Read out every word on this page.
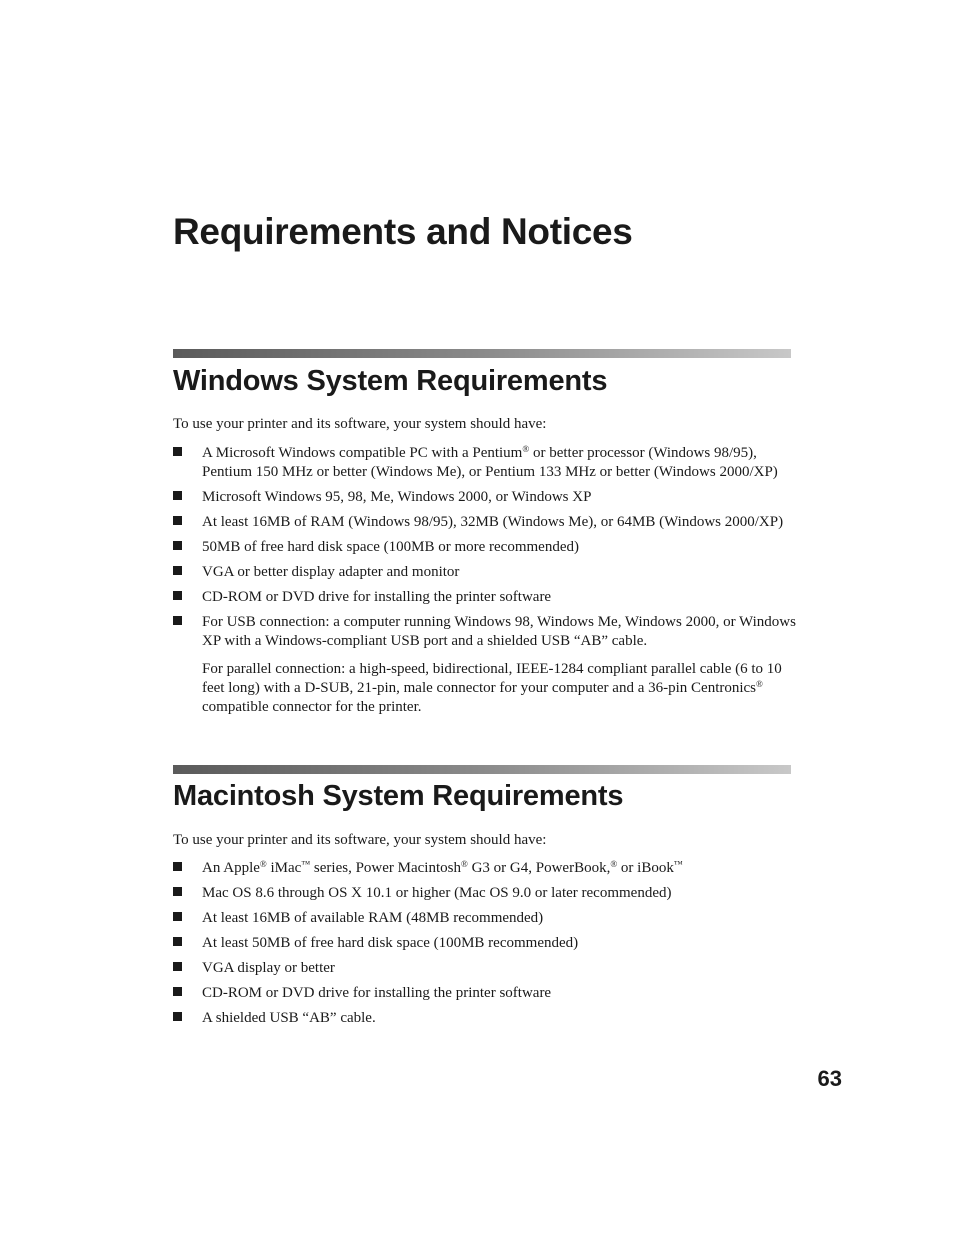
Requirements and Notices
Windows System Requirements

To use your printer and its software, your system should have:

A Microsoft Windows compatible PC with a Pentium® or better processor (Windows 98/95), Pentium 150 MHz or better (Windows Me), or Pentium 133 MHz or better (Windows 2000/XP)
Microsoft Windows 95, 98, Me, Windows 2000, or Windows XP
At least 16MB of RAM (Windows 98/95), 32MB (Windows Me), or 64MB (Windows 2000/XP)
50MB of free hard disk space (100MB or more recommended)
VGA or better display adapter and monitor
CD-ROM or DVD drive for installing the printer software
For USB connection: a computer running Windows 98, Windows Me, Windows 2000, or Windows XP with a Windows-compliant USB port and a shielded USB “AB” cable.
For parallel connection: a high-speed, bidirectional, IEEE-1284 compliant parallel cable (6 to 10 feet long) with a D-SUB, 21-pin, male connector for your computer and a 36-pin Centronics® compatible connector for the printer.
Macintosh System Requirements

To use your printer and its software, your system should have:

An Apple® iMac™ series, Power Macintosh® G3 or G4, PowerBook,® or iBook™
Mac OS 8.6 through OS X 10.1 or higher (Mac OS 9.0 or later recommended)
At least 16MB of available RAM (48MB recommended)
At least 50MB of free hard disk space (100MB recommended)
VGA display or better
CD-ROM or DVD drive for installing the printer software
A shielded USB “AB” cable.
63
